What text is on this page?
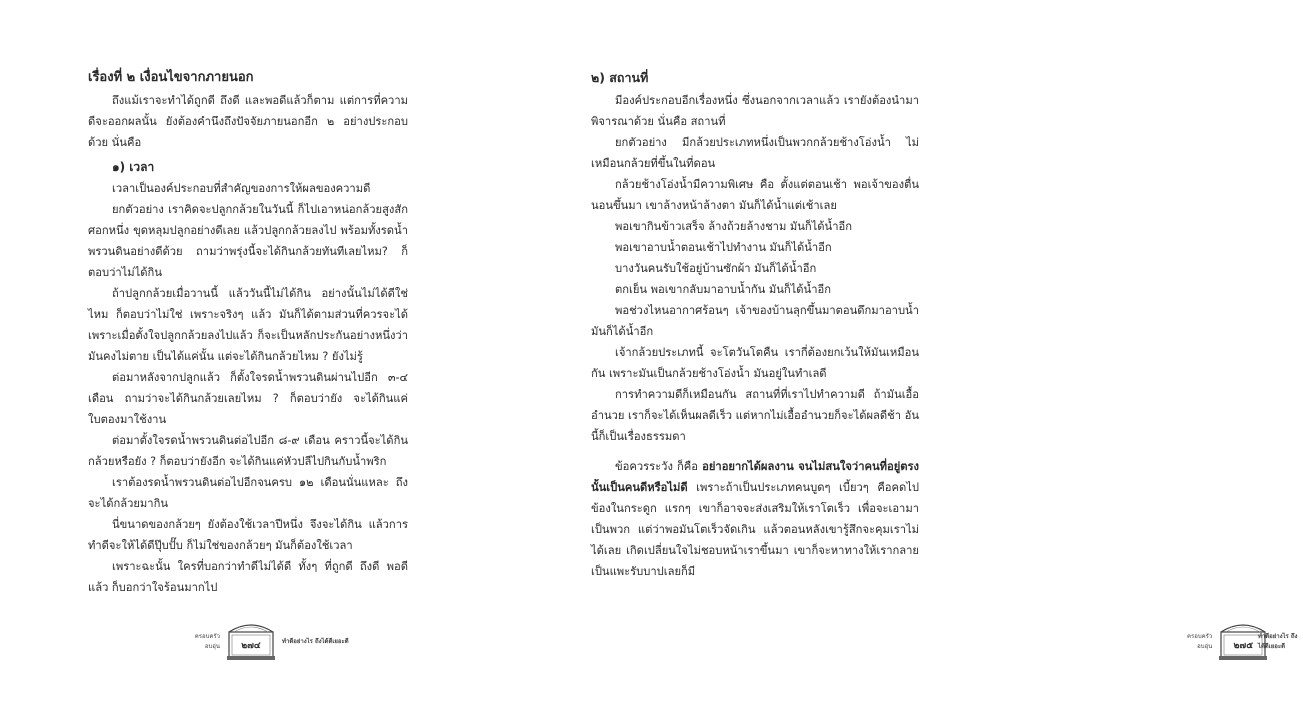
เรื่องที่ ๒ เงื่อนไขจากภายนอก

ถึงแม้เราจะทำได้ถูกดี ถึงดี และพอดีแล้วก็ตาม แต่การที่ความดีจะออกผลนั้น ยังต้องคำนึงถึงปัจจัยภายนอกอีก ๒ อย่างประกอบด้วย นั่นคือ

๑) เวลา

เวลาเป็นองค์ประกอบที่สำคัญของการให้ผลของความดี

ยกตัวอย่าง เราคิดจะปลูกกล้วยในวันนี้ ก็ไปเอาหน่อกล้วยสูงสักศอกหนึ่ง ขุดหลุมปลูกอย่างดีเลย แล้วปลูกกล้วยลงไป พร้อมทั้งรดน้ำพรวนดินอย่างดีด้วย ถามว่าพรุ่งนี้จะได้กินกล้วยทันทีเลยไหม? ก็ตอบว่าไม่ได้กิน

ถ้าปลูกกล้วยเมื่อวานนี้ แล้ววันนี้ไม่ได้กิน อย่างนั้นไม่ได้ดีใช่ไหม ก็ตอบว่าไม่ใช่ เพราะจริงๆ แล้ว มันก็ได้ตามส่วนที่ควรจะได้ เพราะเมื่อตั้งใจปลูกกล้วยลงไปแล้ว ก็จะเป็นหลักประกันอย่างหนึ่งว่า มันคงไม่ตาย เป็นได้แค่นั้น แต่จะได้กินกล้วยไหม ? ยังไม่รู้

ต่อมาหลังจากปลูกแล้ว ก็ตั้งใจรดน้ำพรวนดินผ่านไปอีก ๓-๔ เดือน ถามว่าจะได้กินกล้วยเลยไหม ? ก็ตอบว่ายัง จะได้กินแค่ใบตองมาใช้งาน

ต่อมาตั้งใจรดน้ำพรวนดินต่อไปอีก ๘-๙ เดือน คราวนี้จะได้กินกล้วยหรือยัง ? ก็ตอบว่ายังอีก จะได้กินแค่หัวปลีไปกินกับน้ำพริก

เราต้องรดน้ำพรวนดินต่อไปอีกจนครบ ๑๒ เดือนนั่นแหละ ถึงจะได้กล้วยมากิน

นี่ขนาดของกล้วยๆ ยังต้องใช้เวลาปีหนึ่ง จึงจะได้กิน แล้วการทำดีจะให้ได้ดีปุ๊บปั๊บ ก็ไม่ใช่ของกล้วยๆ มันก็ต้องใช้เวลา

เพราะฉะนั้น ใครที่บอกว่าทำดีไม่ได้ดี ทั้งๆ ที่ถูกดี ถึงดี พอดีแล้ว ก็บอกว่าใจร้อนมากไป

ครอบครัวอบอุ่น	๒๗๔	ทำดีอย่างไร ถึงได้ดีเยอะดี
๒) สถานที่

มีองค์ประกอบอีกเรื่องหนึ่ง ซึ่งนอกจากเวลาแล้ว เรายังต้องนำมาพิจารณาด้วย นั่นคือ สถานที่

ยกตัวอย่าง มีกล้วยประเภทหนึ่งเป็นพวกกล้วยช้างโอ่งน้ำ ไม่เหมือนกล้วยที่ขึ้นในที่ดอน

กล้วยช้างโอ่งน้ำมีความพิเศษ คือ ตั้งแต่ตอนเช้า พอเจ้าของตื่นนอนขึ้นมา เขาล้างหน้าล้างตา มันก็ได้น้ำแต่เช้าเลย

พอเขากินข้าวเสร็จ ล้างถ้วยล้างชาม มันก็ได้น้ำอีก

พอเขาอาบน้ำตอนเช้าไปทำงาน มันก็ได้น้ำอีก

บางวันคนรับใช้อยู่บ้านซักผ้า มันก็ได้น้ำอีก

ตกเย็น พอเขากลับมาอาบน้ำกัน มันก็ได้น้ำอีก

พอช่วงไหนอากาศร้อนๆ เจ้าของบ้านลุกขึ้นมาตอนดึกมาอาบน้ำ มันก็ได้น้ำอีก

เจ้ากล้วยประเภทนี้ จะโตวันโตคืน เรากี่ต้องยกเว้นให้มันเหมือนกัน เพราะมันเป็นกล้วยช้างโอ่งน้ำ มันอยู่ในทำเลดี

การทำความดีก็เหมือนกัน สถานที่ที่เราไปทำความดี ถ้ามันเอื้ออำนวย เราก็จะได้เห็นผลดีเร็ว แต่หากไม่เอื้ออำนวยก็จะได้ผลดีช้า อันนี้ก็เป็นเรื่องธรรมดา

ข้อควรระวัง ก็คือ อย่าอยากได้ผลงาน จนไม่สนใจว่าคนที่อยู่ตรงนั้นเป็นคนดีหรือไม่ดี เพราะถ้าเป็นประเภทคนบูดๆ เบี้ยวๆ คือคดไปข้องในกระดูก แรกๆ เขาก็อาจจะส่งเสริมให้เราโตเร็ว เพื่อจะเอามาเป็นพวก แต่ว่าพอมันโตเร็วจัดเกิน แล้วตอนหลังเขารู้สึกจะคุมเราไม่ได้เลย เกิดเปลี่ยนใจไม่ชอบหน้าเราขึ้นมา เขาก็จะหาทางให้เรากลายเป็นแพะรับบาปเลยก็มี

ครอบครัวอบอุ่น	๒๗๕
ทำดีอย่างไร ถึงได้ดีเยอะดี
